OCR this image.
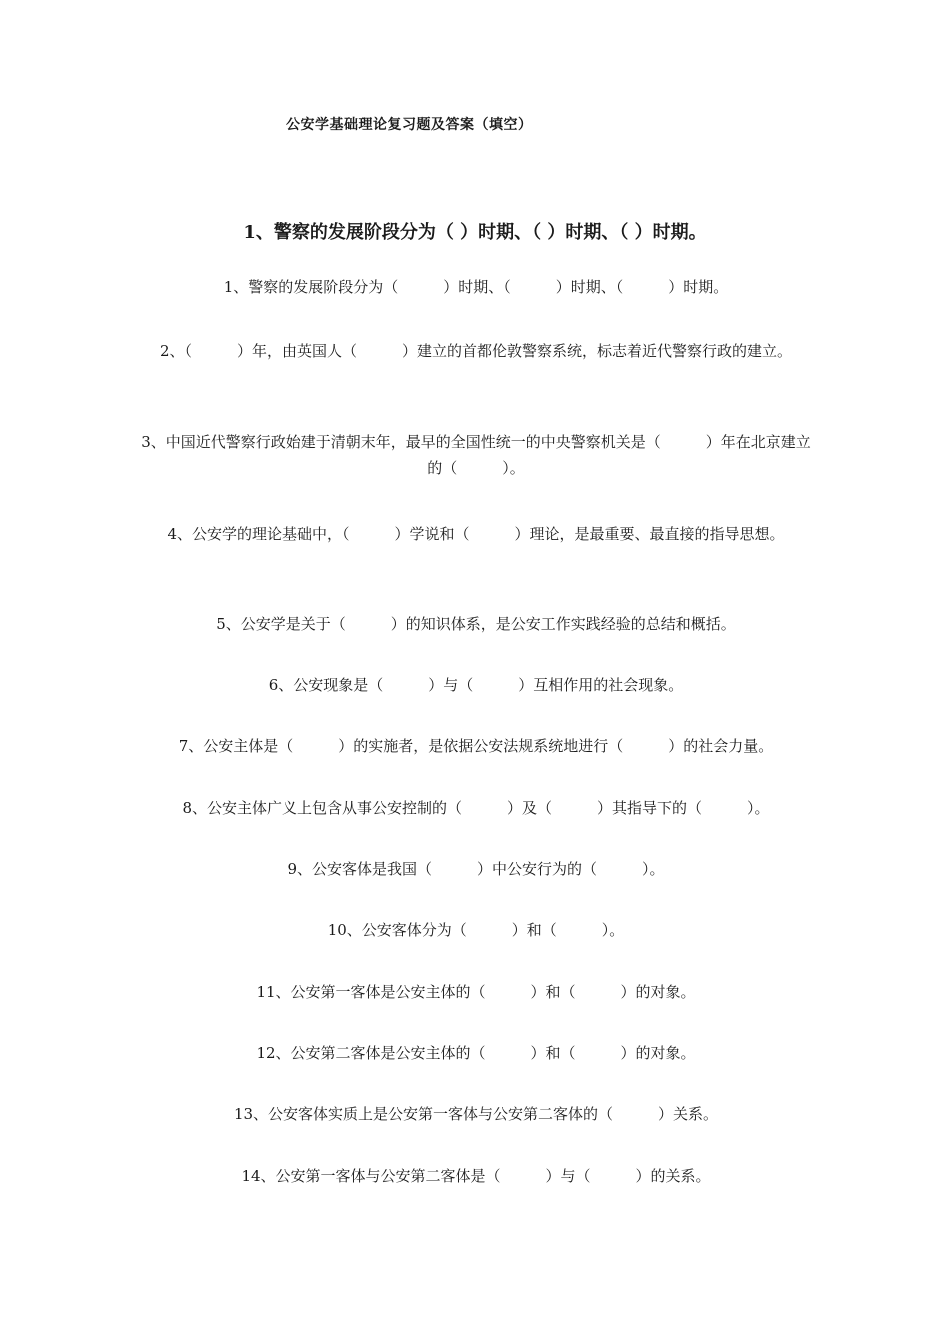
公安学基础理论复习题及答案（填空）
1、警察的发展阶段分为（ ）时期、（ ）时期、（ ）时期。
1、警察的发展阶段分为（　　　）时期、（　　　）时期、（　　　）时期。
2、（　　　）年，由英国人（　　　）建立的首都伦敦警察系统，标志着近代警察行政的建立。
3、中国近代警察行政始建于清朝末年，最早的全国性统一的中央警察机关是（　　　）年在北京建立的（　　　）。
4、公安学的理论基础中，（　　　）学说和（　　　）理论，是最重要、最直接的指导思想。
5、公安学是关于（　　　）的知识体系，是公安工作实践经验的总结和概括。
6、公安现象是（　　　）与（　　　）互相作用的社会现象。
7、公安主体是（　　　）的实施者，是依据公安法规系统地进行（　　　）的社会力量。
8、公安主体广义上包含从事公安控制的（　　　）及（　　　）其指导下的（　　　）。
9、公安客体是我国（　　　）中公安行为的（　　　）。
10、公安客体分为（　　　）和（　　　）。
11、公安第一客体是公安主体的（　　　）和（　　　）的对象。
12、公安第二客体是公安主体的（　　　）和（　　　）的对象。
13、公安客体实质上是公安第一客体与公安第二客体的（　　　）关系。
14、公安第一客体与公安第二客体是（　　　）与（　　　）的关系。
